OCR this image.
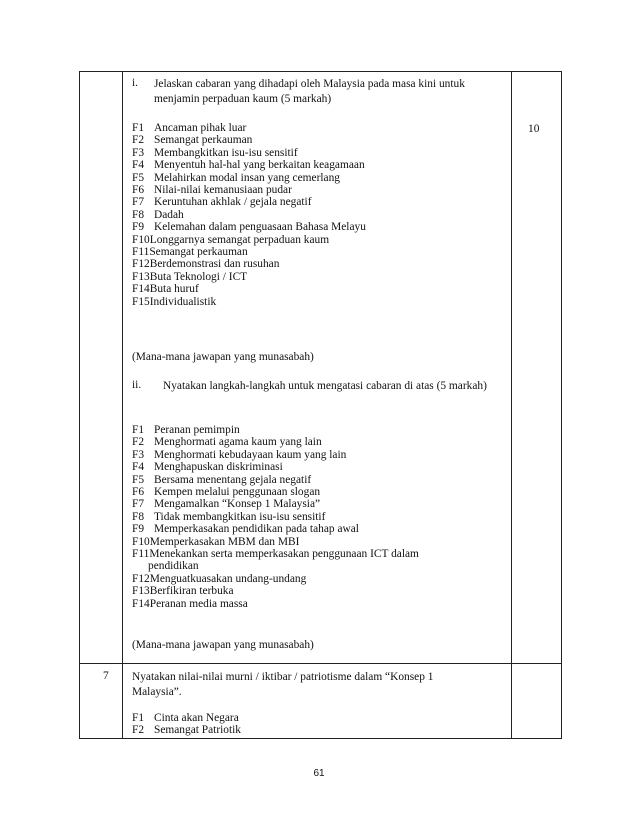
10
i. Jelaskan cabaran yang dihadapi oleh Malaysia pada masa kini untuk menjamin perpaduan kaum (5 markah)
F1 Ancaman pihak luar
F2 Semangat perkauman
F3 Membangkitkan isu-isu sensitif
F4 Menyentuh hal-hal yang berkaitan keagamaan
F5 Melahirkan modal insan yang cemerlang
F6 Nilai-nilai kemanusiaan pudar
F7 Keruntuhan akhlak / gejala negatif
F8 Dadah
F9 Kelemahan dalam penguasaan Bahasa Melayu
F10Longgarnya semangat perpaduan kaum
F11Semangat perkauman
F12Berdemonstrasi dan rusuhan
F13Buta Teknologi / ICT
F14Buta huruf
F15Individualistik
(Mana-mana jawapan yang munasabah)
ii. Nyatakan langkah-langkah untuk mengatasi cabaran di atas (5 markah)
F1 Peranan pemimpin
F2 Menghormati agama kaum yang lain
F3 Menghormati kebudayaan kaum yang lain
F4 Menghapuskan diskriminasi
F5 Bersama menentang gejala negatif
F6 Kempen melalui penggunaan slogan
F7 Mengamalkan “Konsep 1 Malaysia”
F8 Tidak membangkitkan isu-isu sensitif
F9 Memperkasakan pendidikan pada tahap awal
F10Memperkasakan MBM dan MBI
F11Menekankan serta memperkasakan penggunaan ICT dalam
pendidikan
F12Menguatkuasakan undang-undang
F13Berfikiran terbuka
F14Peranan media massa
(Mana-mana jawapan yang munasabah)
7 Nyatakan nilai-nilai murni / iktibar / patriotisme dalam “Konsep 1 Malaysia”.
F1 Cinta akan Negara
F2 Semangat Patriotik
61
